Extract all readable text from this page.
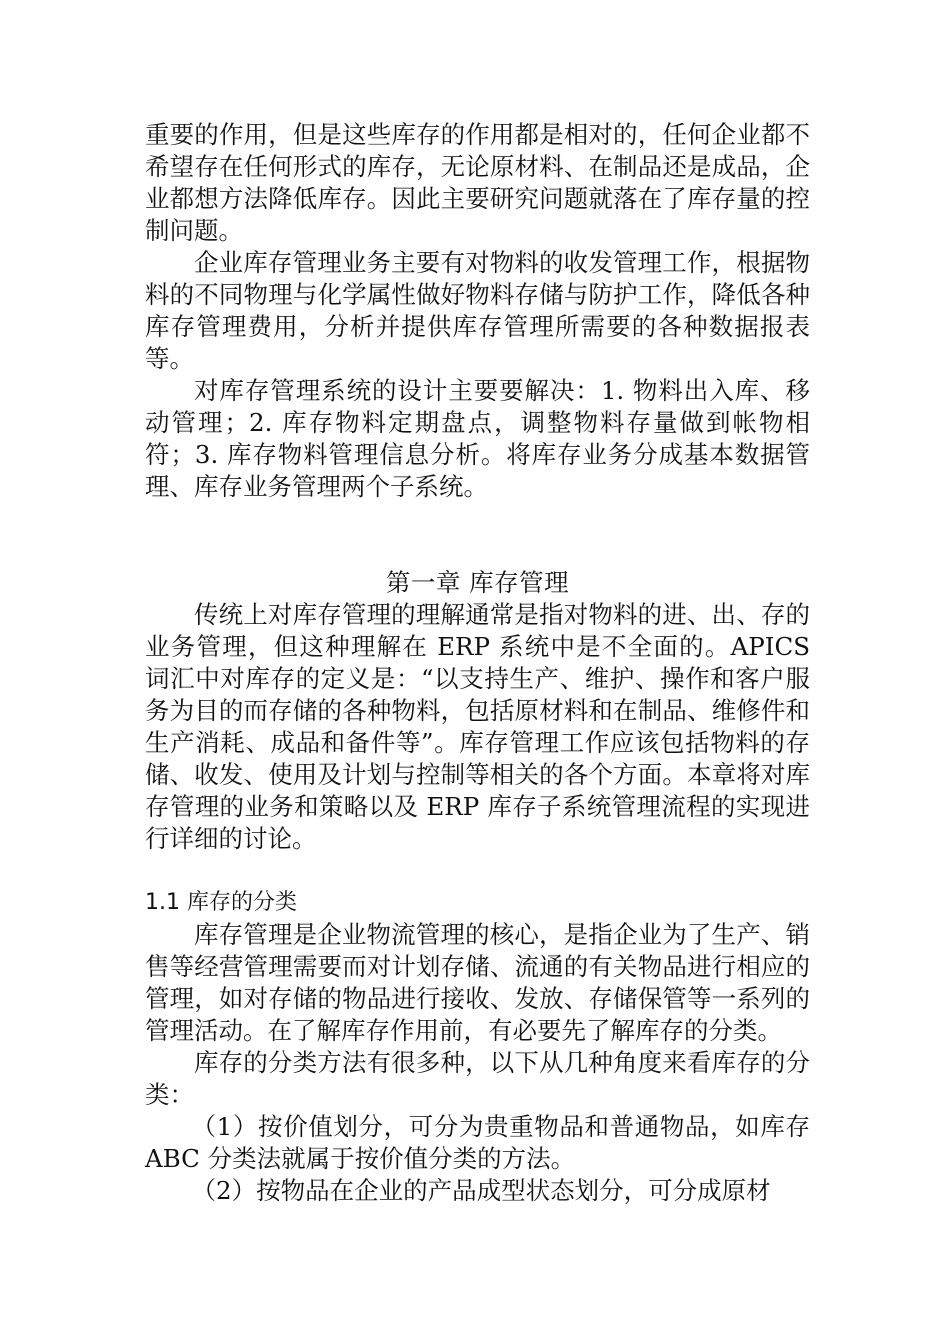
重要的作用，但是这些库存的作用都是相对的，任何企业都不希望存在任何形式的库存，无论原材料、在制品还是成品，企业都想方法降低库存。因此主要研究问题就落在了库存量的控制问题。

企业库存管理业务主要有对物料的收发管理工作，根据物料的不同物理与化学属性做好物料存储与防护工作，降低各种库存管理费用，分析并提供库存管理所需要的各种数据报表等。

对库存管理系统的设计主要要解决：1. 物料出入库、移动管理；2. 库存物料定期盘点，调整物料存量做到帐物相符；3. 库存物料管理信息分析。将库存业务分成基本数据管理、库存业务管理两个子系统。

第一章 库存管理

传统上对库存管理的理解通常是指对物料的进、出、存的业务管理，但这种理解在 ERP 系统中是不全面的。APICS 词汇中对库存的定义是：“以支持生产、维护、操作和客户服务为目的而存储的各种物料，包括原材料和在制品、维修件和生产消耗、成品和备件等”。库存管理工作应该包括物料的存储、收发、使用及计划与控制等相关的各个方面。本章将对库存管理的业务和策略以及 ERP 库存子系统管理流程的实现进行详细的讨论。

1.1 库存的分类

库存管理是企业物流管理的核心，是指企业为了生产、销售等经营管理需要而对计划存储、流通的有关物品进行相应的管理，如对存储的物品进行接收、发放、存储保管等一系列的管理活动。在了解库存作用前，有必要先了解库存的分类。

库存的分类方法有很多种，以下从几种角度来看库存的分类：

（1）按价值划分，可分为贵重物品和普通物品，如库存 ABC 分类法就属于按价值分类的方法。

（2）按物品在企业的产品成型状态划分，可分成原材
